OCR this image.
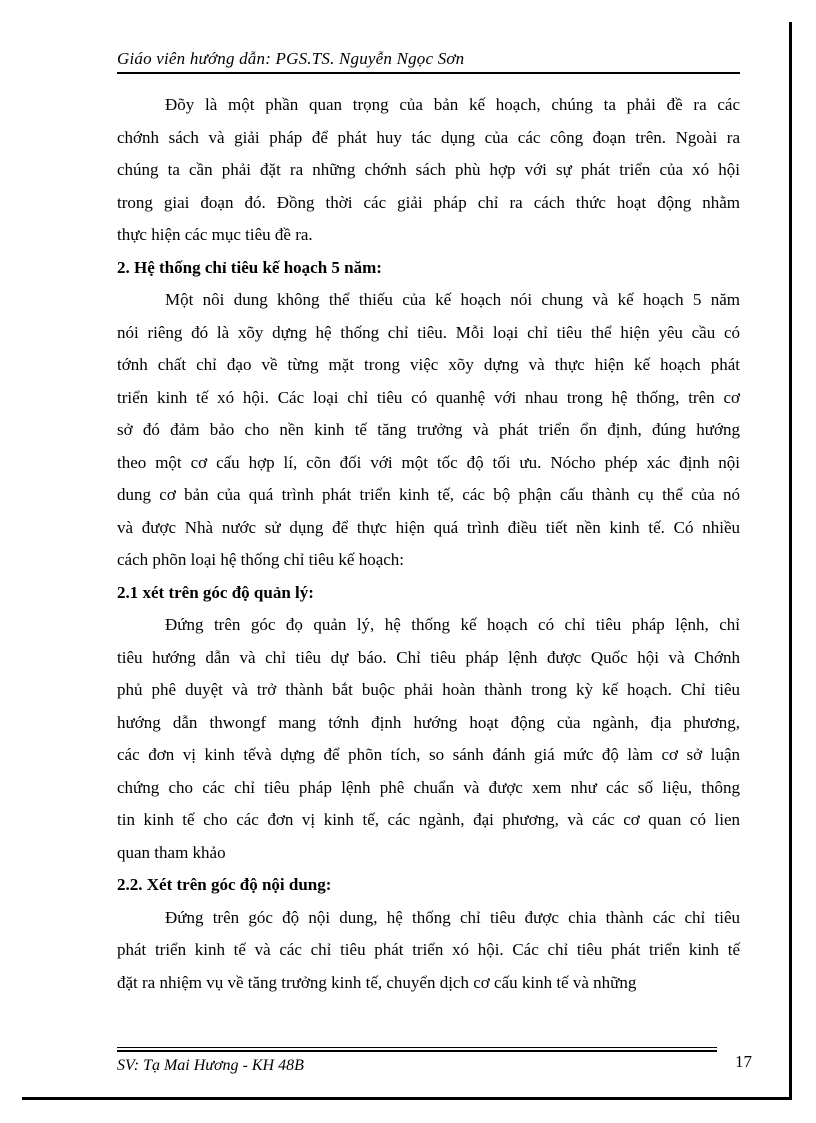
Giáo viên hướng dẫn: PGS.TS. Nguyễn Ngọc Sơn
Đõy là một phần quan trọng của bản kế hoạch, chúng ta phải đề ra các
chớnh sách và giải pháp để phát huy tác dụng của các công đoạn trên. Ngoài ra
chúng ta cần phải đặt ra những chớnh sách phù hợp với sự phát triển của xó hội
trong giai đoạn đó. Đồng thời các giải pháp chỉ ra cách thức hoạt động nhằm
thực hiện các mục tiêu đề ra.
2. Hệ thống chỉ tiêu kế hoạch 5 năm:
Một nôi dung không thể thiếu của kế hoạch nói chung và kế hoạch 5 năm
nói riêng đó là xõy dựng hệ thống chỉ tiêu. Mỗi loại chỉ tiêu thể hiện yêu cầu có
tớnh chất chỉ đạo về từng mặt trong việc xõy dựng và thực hiện kế hoạch phát
triển kinh tế xó hội. Các loại chỉ tiêu có quanhệ với nhau trong hệ thống, trên cơ
sở đó đảm bảo cho nền kinh tế tăng trưởng và phát triển ổn định, đúng hướng
theo một cơ cấu hợp lí, cõn đối với một tốc độ tối ưu. Nócho phép xác định nội
dung cơ bản của quá trình phát triển kinh tế, các bộ phận cấu thành cụ thể của nó
và được Nhà nước sử dụng để thực hiện quá trình điều tiết nền kinh tế. Có nhiều
cách phõn loại hệ thống chỉ tiêu kế hoạch:
2.1 xét trên góc độ quản lý:
Đứng trên góc đọ quản lý, hệ thống kế hoạch có chỉ tiêu pháp lệnh, chỉ
tiêu hướng dẫn và chỉ tiêu dự báo. Chỉ tiêu pháp lệnh được Quốc hội và Chớnh
phủ phê duyệt và trở thành bắt buộc phải hoàn thành trong kỳ kế hoạch. Chỉ tiêu
hướng dẫn thwongf mang tớnh định hướng hoạt động của ngành, địa phương,
các đơn vị kinh tếvà dựng để phõn tích, so sánh đánh giá mức độ làm cơ sở luận
chứng cho các chỉ tiêu pháp lệnh phê chuẩn và được xem như các số liệu, thông
tin kinh tế cho các đơn vị kinh tế, các ngành, đại phương, và các cơ quan có lien
quan tham khảo
2.2. Xét trên góc độ nội dung:
Đứng trên góc độ nội dung, hệ thống chỉ tiêu được chia thành các chỉ tiêu
phát triển kinh tế và các chỉ tiêu phát triển xó hội. Các chỉ tiêu phát triển kinh tế
đặt ra nhiệm vụ về tăng trưởng kinh tế, chuyển dịch cơ cấu kinh tế và những
SV: Tạ Mai Hương - KH 48B	17
